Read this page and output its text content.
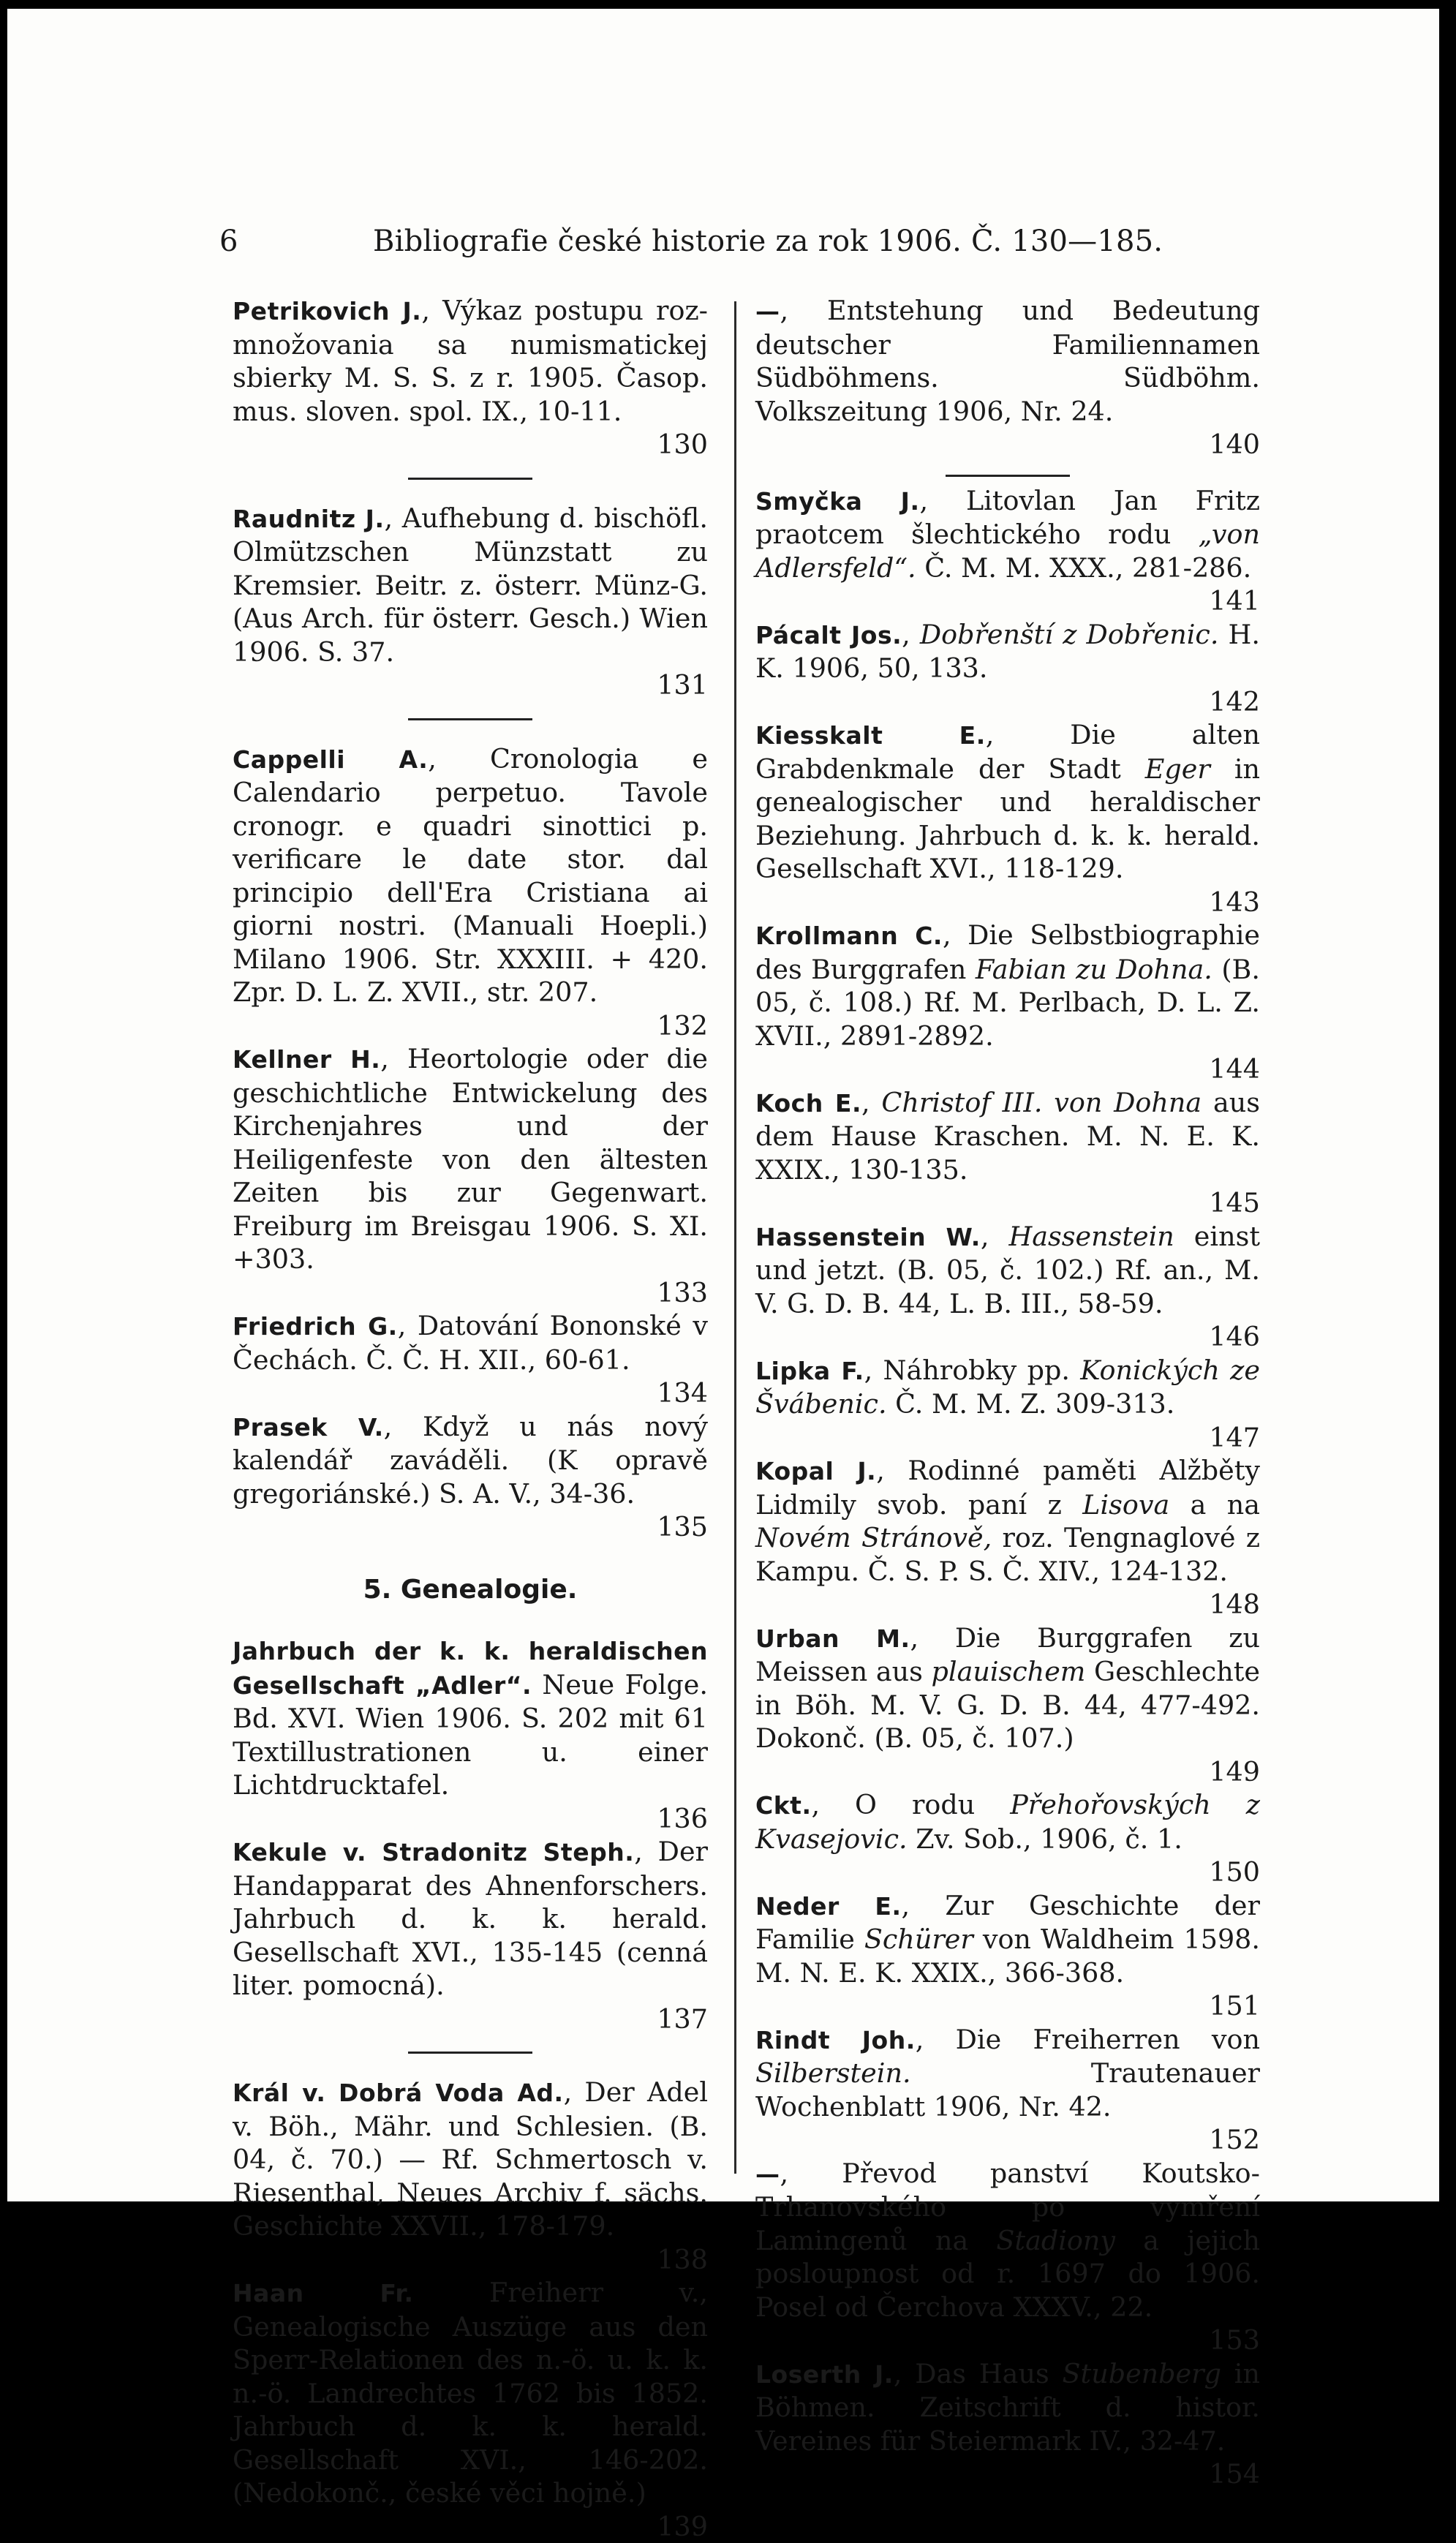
6	Bibliografie české historie za rok 1906. Č. 130—185.
Petrikovich J., Výkaz postupu roz-množovania sa numismatickej sbierky M. S. S. z r. 1905. Časop. mus. sloven. spol. IX., 10-11.
130
Raudnitz J., Aufhebung d. bischöfl. Olmützschen Münzstatt zu Kremsier. Beitr. z. österr. Münz-G. (Aus Arch. für österr. Gesch.) Wien 1906. S. 37.
131
Cappelli A., Cronologia e Calendario perpetuo. Tavole cronogr. e quadri sinottici p. verificare le date stor. dal principio dell'Era Cristiana ai giorni nostri. (Manuali Hoepli.) Milano 1906. Str. XXXIII. + 420. Zpr. D. L. Z. XVII., str. 207.
132
Kellner H., Heortologie oder die geschichtliche Entwickelung des Kirchenjahres und der Heiligenfeste von den ältesten Zeiten bis zur Gegenwart. Freiburg im Breisgau 1906. S. XI. +303.
133
Friedrich G., Datování Bononské v Čechách. Č. Č. H. XII., 60-61.
134
Prasek V., Když u nás nový kalendář zaváděli. (K opravě gregoriánské.) S. A. V., 34-36.
135
5. Genealogie.
Jahrbuch der k. k. heraldischen Gesellschaft „Adler“. Neue Folge. Bd. XVI. Wien 1906. S. 202 mit 61 Textillustrationen u. einer Lichtdrucktafel.
136
Kekule v. Stradonitz Steph., Der Handapparat des Ahnenforschers. Jahrbuch d. k. k. herald. Gesellschaft XVI., 135-145 (cenná liter. pomocná).
137
Král v. Dobrá Voda Ad., Der Adel v. Böh., Mähr. und Schlesien. (B. 04, č. 70.) — Rf. Schmertosch v. Riesenthal, Neues Archiv f. sächs. Geschichte XXVII., 178-179.
138
Haan Fr. Freiherr v., Genealogische Auszüge aus den Sperr-Relationen des n.-ö. u. k. k. n.-ö. Landrechtes 1762 bis 1852. Jahrbuch d. k. k. herald. Gesellschaft XVI., 146-202. (Nedokonč., české věci hojně.)
139
—, Entstehung und Bedeutung deutscher Familiennamen Südböhmens. Südböhm. Volkszeitung 1906, Nr. 24.
140
Smyčka J., Litovlan Jan Fritz praotcem šlechtického rodu „von Adlersfeld“. Č. M. M. XXX., 281-286.
141
Pácalt Jos., Dobřenští z Dobřenic. H. K. 1906, 50, 133.
142
Kiesskalt E., Die alten Grabdenkmale der Stadt Eger in genealogischer und heraldischer Beziehung. Jahrbuch d. k. k. herald. Gesellschaft XVI., 118-129.
143
Krollmann C., Die Selbstbiographie des Burggrafen Fabian zu Dohna. (B. 05, č. 108.) Rf. M. Perlbach, D. L. Z. XVII., 2891-2892.
144
Koch E., Christof III. von Dohna aus dem Hause Kraschen. M. N. E. K. XXIX., 130-135.
145
Hassenstein W., Hassenstein einst und jetzt. (B. 05, č. 102.) Rf. an., M. V. G. D. B. 44, L. B. III., 58-59.
146
Lipka F., Náhrobky pp. Konických ze Švábenic. Č. M. M. Z. 309-313.
147
Kopal J., Rodinné paměti Alžběty Lidmily svob. paní z Lisova a na Novém Stránově, roz. Tengnaglové z Kampu. Č. S. P. S. Č. XIV., 124-132.
148
Urban M., Die Burggrafen zu Meissen aus plauischem Geschlechte in Böh. M. V. G. D. B. 44, 477-492. Dokonč. (B. 05, č. 107.)
149
Ckt., O rodu Přehořovských z Kvasejovic. Zv. Sob., 1906, č. 1.
150
Neder E., Zur Geschichte der Familie Schürer von Waldheim 1598. M. N. E. K. XXIX., 366-368.
151
Rindt Joh., Die Freiherren von Silberstein. Trautenauer Wochenblatt 1906, Nr. 42.
152
—, Převod panství Koutsko-Trhanovského po vymření Lamingenů na Stadiony a jejich posloupnost od r. 1697 do 1906. Posel od Čerchova XXXV., 22.
153
Loserth J., Das Haus Stubenberg in Böhmen. Zeitschrift d. histor. Vereines für Steiermark IV., 32-47.
154
